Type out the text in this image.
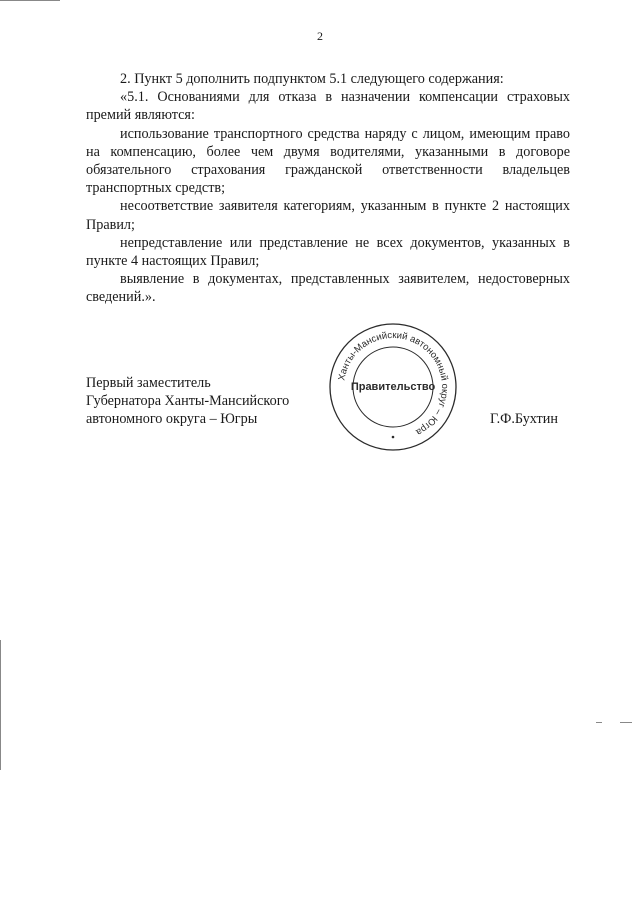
2

2. Пункт 5 дополнить подпунктом 5.1 следующего содержания:

«5.1. Основаниями для отказа в назначении компенсации страховых премий являются:

использование транспортного средства наряду с лицом, имеющим право на компенсацию, более чем двумя водителями, указанными в договоре обязательного страхования гражданской ответственности владельцев транспортных средств;

несоответствие заявителя категориям, указанным в пункте 2 настоящих Правил;

непредставление или представление не всех документов, указанных в пункте 4 настоящих Правил;

выявление в документах, представленных заявителем, недостоверных сведений.».

Первый заместитель
Губернатора Ханты-Мансийского
автономного округа – Югры
Ханты-Мансийский автономный округ – Югра
Правительство
Г.Ф.Бухтин
